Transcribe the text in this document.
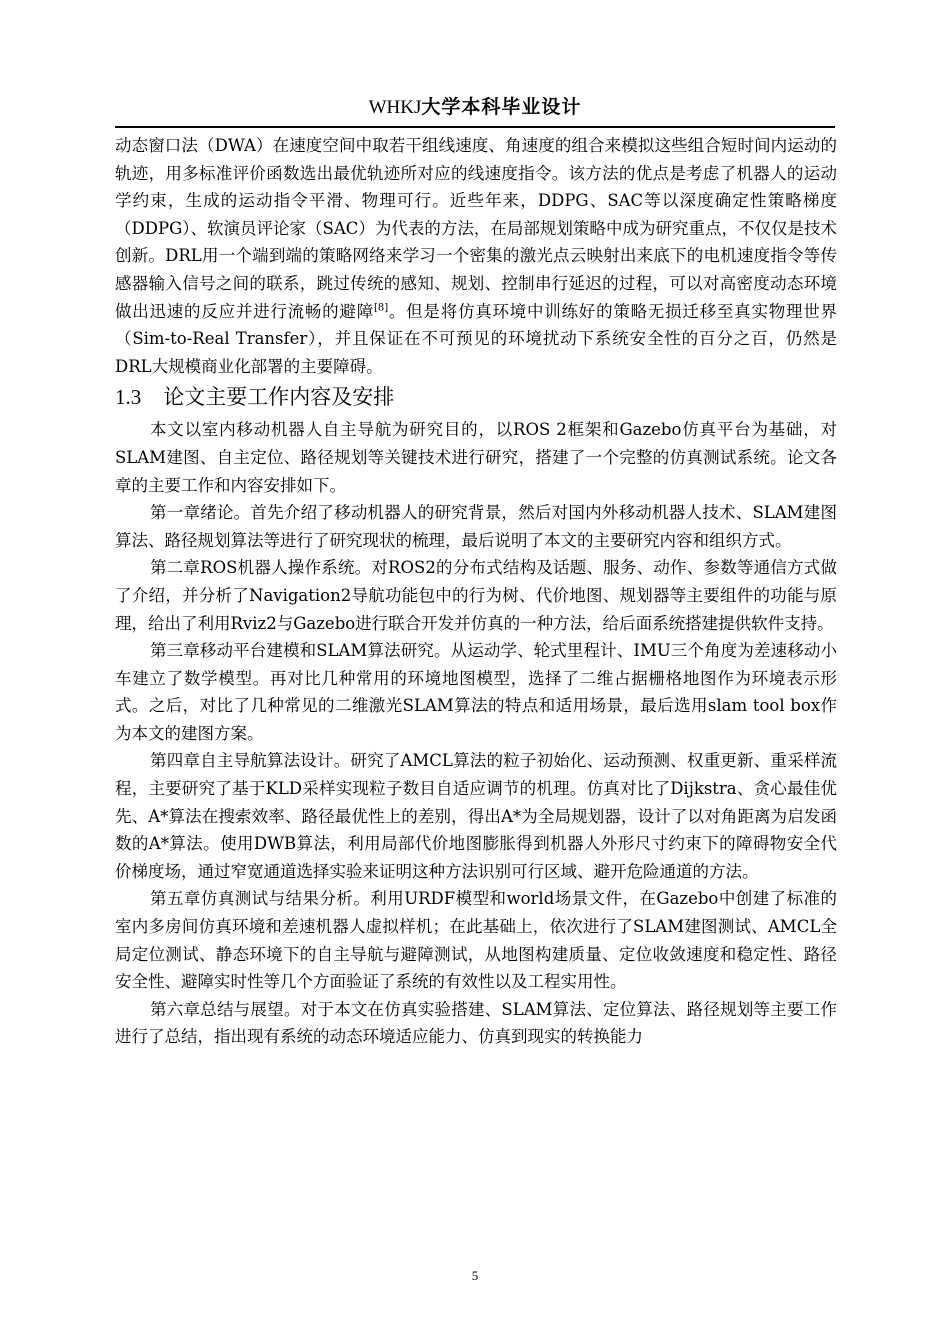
WHKJ大学本科毕业设计

动态窗口法（DWA）在速度空间中取若干组线速度、角速度的组合来模拟这些组合短时间内运动的轨迹，用多标准评价函数选出最优轨迹所对应的线速度指令。该方法的优点是考虑了机器人的运动学约束，生成的运动指令平滑、物理可行。近些年来，DDPG、SAC等以深度确定性策略梯度（DDPG）、软演员评论家（SAC）为代表的方法，在局部规划策略中成为研究重点，不仅仅是技术创新。DRL用一个端到端的策略网络来学习一个密集的激光点云映射出来底下的电机速度指令等传感器输入信号之间的联系，跳过传统的感知、规划、控制串行延迟的过程，可以对高密度动态环境做出迅速的反应并进行流畅的避障[8]。但是将仿真环境中训练好的策略无损迁移至真实物理世界（Sim-to-Real Transfer），并且保证在不可预见的环境扰动下系统安全性的百分之百，仍然是DRL大规模商业化部署的主要障碍。

1.3 论文主要工作内容及安排

本文以室内移动机器人自主导航为研究目的，以ROS 2框架和Gazebo仿真平台为基础，对SLAM建图、自主定位、路径规划等关键技术进行研究，搭建了一个完整的仿真测试系统。论文各章的主要工作和内容安排如下。

第一章绪论。首先介绍了移动机器人的研究背景，然后对国内外移动机器人技术、SLAM建图算法、路径规划算法等进行了研究现状的梳理，最后说明了本文的主要研究内容和组织方式。

第二章ROS机器人操作系统。对ROS2的分布式结构及话题、服务、动作、参数等通信方式做了介绍，并分析了Navigation2导航功能包中的行为树、代价地图、规划器等主要组件的功能与原理，给出了利用Rviz2与Gazebo进行联合开发并仿真的一种方法，给后面系统搭建提供软件支持。

第三章移动平台建模和SLAM算法研究。从运动学、轮式里程计、IMU三个角度为差速移动小车建立了数学模型。再对比几种常用的环境地图模型，选择了二维占据栅格地图作为环境表示形式。之后，对比了几种常见的二维激光SLAM算法的特点和适用场景，最后选用slam tool box作为本文的建图方案。

第四章自主导航算法设计。研究了AMCL算法的粒子初始化、运动预测、权重更新、重采样流程，主要研究了基于KLD采样实现粒子数目自适应调节的机理。仿真对比了Dijkstra、贪心最佳优先、A*算法在搜索效率、路径最优性上的差别，得出A*为全局规划器，设计了以对角距离为启发函数的A*算法。使用DWB算法，利用局部代价地图膨胀得到机器人外形尺寸约束下的障碍物安全代价梯度场，通过窄宽通道选择实验来证明这种方法识别可行区域、避开危险通道的方法。

第五章仿真测试与结果分析。利用URDF模型和world场景文件，在Gazebo中创建了标准的室内多房间仿真环境和差速机器人虚拟样机；在此基础上，依次进行了SLAM建图测试、AMCL全局定位测试、静态环境下的自主导航与避障测试，从地图构建质量、定位收敛速度和稳定性、路径安全性、避障实时性等几个方面验证了系统的有效性以及工程实用性。

第六章总结与展望。对于本文在仿真实验搭建、SLAM算法、定位算法、路径规划等主要工作进行了总结，指出现有系统的动态环境适应能力、仿真到现实的转换能力

5
